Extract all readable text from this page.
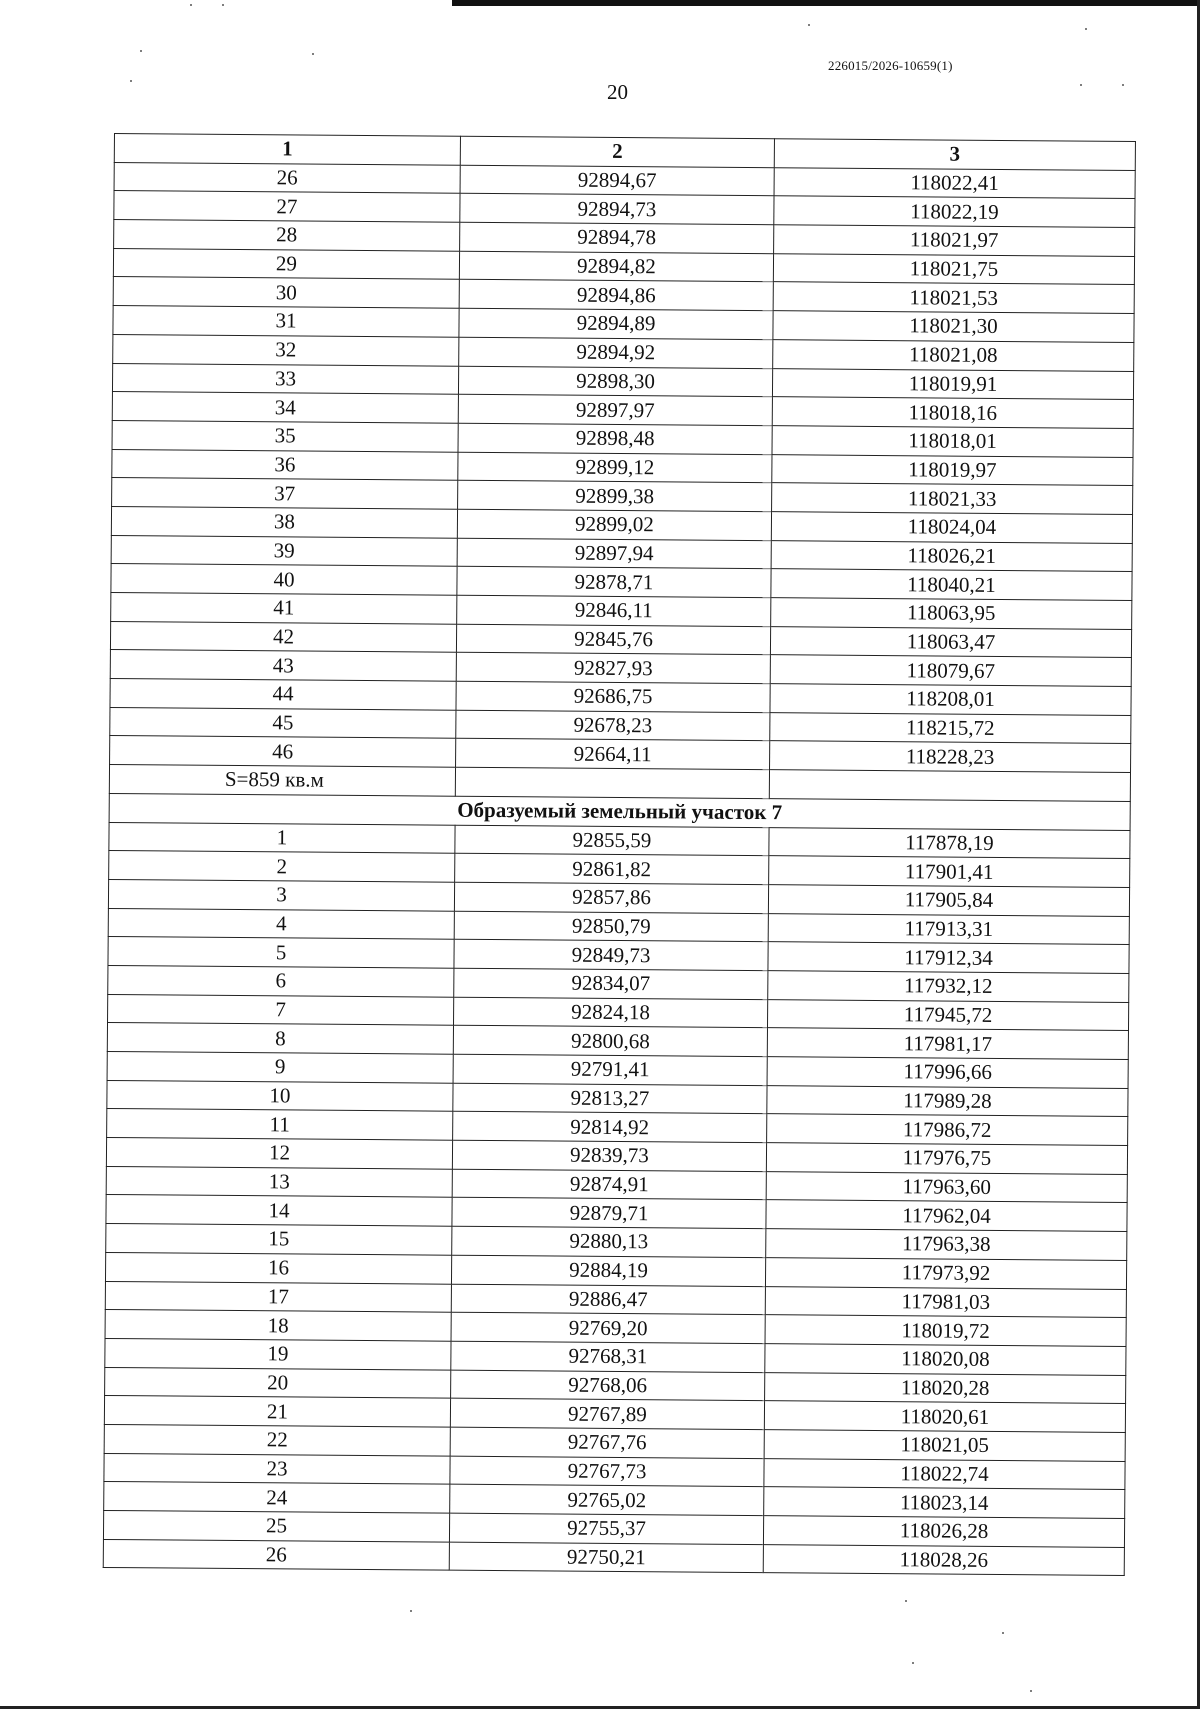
226015/2026-10659(1)
20
1	2	3
26	92894,67	118022,41
27	92894,73	118022,19
28	92894,78	118021,97
29	92894,82	118021,75
30	92894,86	118021,53
31	92894,89	118021,30
32	92894,92	118021,08
33	92898,30	118019,91
34	92897,97	118018,16
35	92898,48	118018,01
36	92899,12	118019,97
37	92899,38	118021,33
38	92899,02	118024,04
39	92897,94	118026,21
40	92878,71	118040,21
41	92846,11	118063,95
42	92845,76	118063,47
43	92827,93	118079,67
44	92686,75	118208,01
45	92678,23	118215,72
46	92664,11	118228,23
S=859 кв.м		
Образуемый земельный участок 7		
1	92855,59	117878,19
2	92861,82	117901,41
3	92857,86	117905,84
4	92850,79	117913,31
5	92849,73	117912,34
6	92834,07	117932,12
7	92824,18	117945,72
8	92800,68	117981,17
9	92791,41	117996,66
10	92813,27	117989,28
11	92814,92	117986,72
12	92839,73	117976,75
13	92874,91	117963,60
14	92879,71	117962,04
15	92880,13	117963,38
16	92884,19	117973,92
17	92886,47	117981,03
18	92769,20	118019,72
19	92768,31	118020,08
20	92768,06	118020,28
21	92767,89	118020,61
22	92767,76	118021,05
23	92767,73	118022,74
24	92765,02	118023,14
25	92755,37	118026,28
26	92750,21	118028,26
